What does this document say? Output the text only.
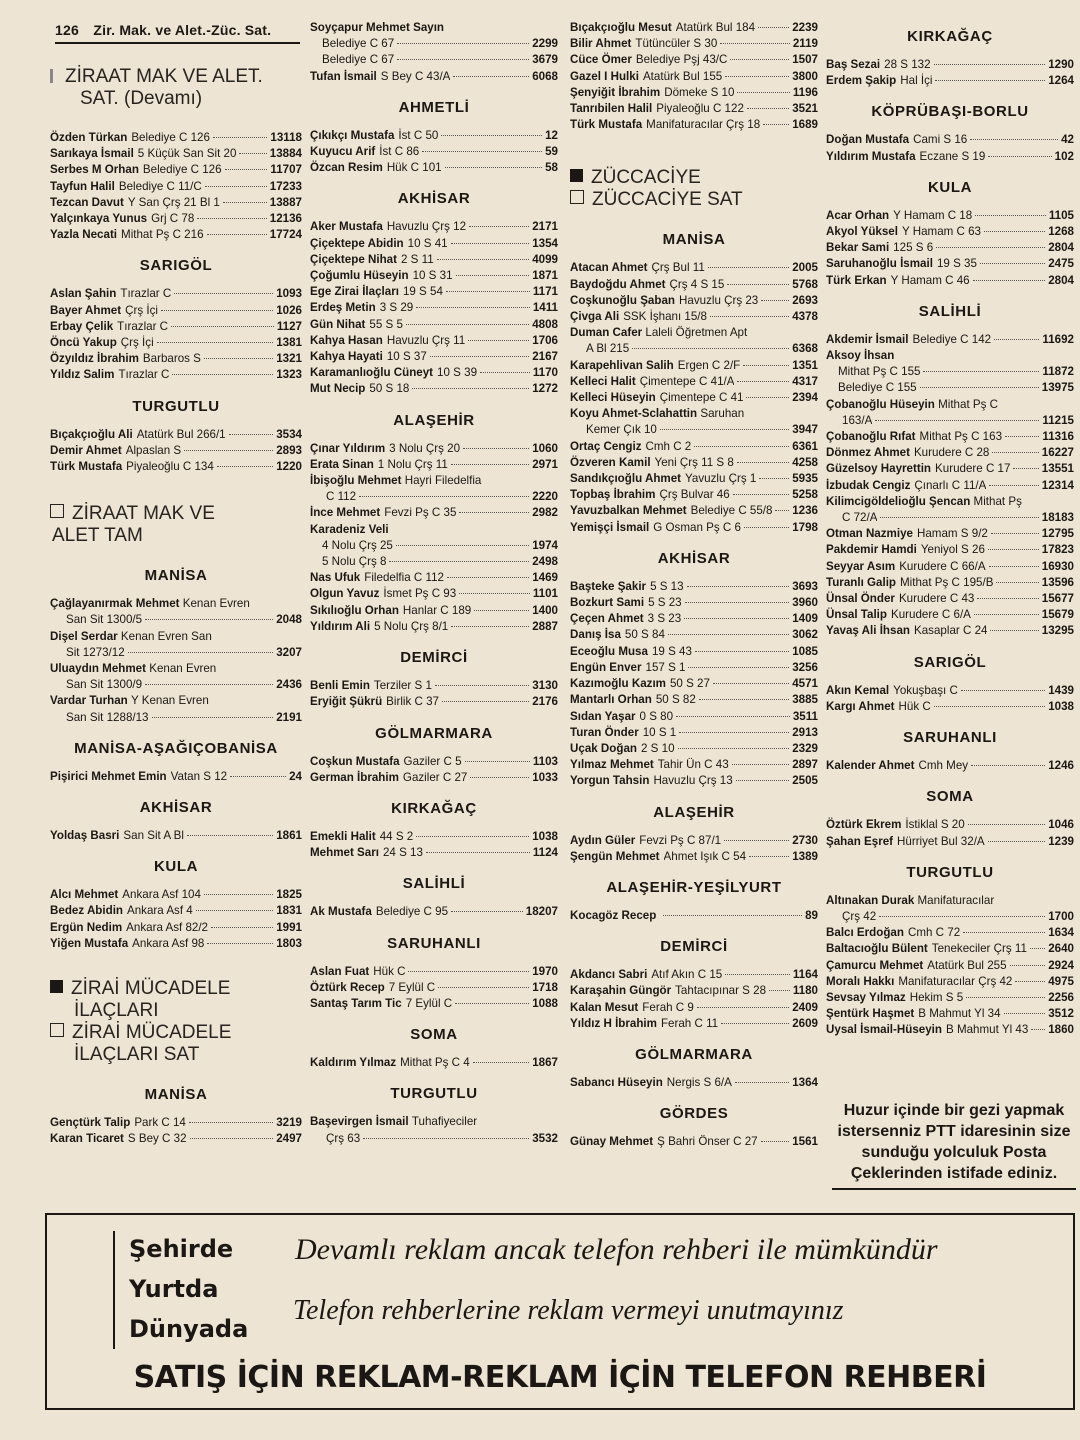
126 Zir. Mak. ve Alet.-Züc. Sat.
ZİRAAT MAK VE ALET.
SAT. (Devamı)
Özden Türkan Belediye C 126	13118
Sarıkaya İsmail 5 Küçük San Sit 20	13884
Serbes M Orhan Belediye C 126	11707
Tayfun Halil Belediye C 11/C	17233
Tezcan Davut Y San Çrş 21 Bl 1	13887
Yalçınkaya Yunus Grj C 78	12136
Yazla Necati Mithat Pş C 216	17724
SARIGÖL
Aslan Şahin Tırazlar C	1093
Bayer Ahmet Çrş İçi	1026
Erbay Çelik Tırazlar C	1127
Öncü Yakup Çrş İçi	1381
Özyıldız İbrahim Barbaros S	1321
Yıldız Salim Tırazlar C	1323
TURGUTLU
Bıçakçıoğlu Ali Atatürk Bul 266/1	3534
Demir Ahmet Alpaslan S	2893
Türk Mustafa Piyaleoğlu C 134	1220
ZİRAAT MAK VE
ALET TAM
MANİSA
Çağlayanırmak Mehmet Kenan Evren
San Sit 1300/5	2048
Dişel Serdar Kenan Evren San
Sit 1273/12	3207
Uluaydın Mehmet Kenan Evren
San Sit 1300/9	2436
Vardar Turhan Y Kenan Evren
San Sit 1288/13	2191
MANİSA-AŞAĞIÇOBANİSA
Pişirici Mehmet Emin Vatan S 12	24
AKHİSAR
Yoldaş Basri San Sit A Bl	1861
KULA
Alcı Mehmet Ankara Asf 104	1825
Bedez Abidin Ankara Asf 4	1831
Ergün Nedim Ankara Asf 82/2	1991
Yiğen Mustafa Ankara Asf 98	1803
ZİRAİ MÜCADELE
İLAÇLARI
ZİRAİ MÜCADELE
İLAÇLARI SAT
MANİSA
Gençtürk Talip Park C 14	3219
Karan Ticaret S Bey C 32	2497
Soyçapur Mehmet Sayın
Belediye C 67	2299
Belediye C 67	3679
Tufan İsmail S Bey C 43/A	6068
AHMETLİ
Çıkıkçı Mustafa İst C 50	12
Kuyucu Arif İst C 86	59
Özcan Resim Hük C 101	58
AKHİSAR
Aker Mustafa Havuzlu Çrş 12	2171
Çiçektepe Abidin 10 S 41	1354
Çiçektepe Nihat 2 S 11	4099
Çoğumlu Hüseyin 10 S 31	1871
Ege Zirai İlaçları 19 S 54	1171
Erdeş Metin 3 S 29	1411
Gün Nihat 55 S 5	4808
Kahya Hasan Havuzlu Çrş 11	1706
Kahya Hayati 10 S 37	2167
Karamanlıoğlu Cüneyt 10 S 39	1170
Mut Necip 50 S 18	1272
ALAŞEHİR
Çınar Yıldırım 3 Nolu Çrş 20	1060
Erata Sinan 1 Nolu Çrş 11	2971
İbişoğlu Mehmet Hayri Filedelfia
C 112	2220
İnce Mehmet Fevzi Pş C 35	2982
Karadeniz Veli
4 Nolu Çrş 25	1974
5 Nolu Çrş 8	2498
Nas Ufuk Filedelfia C 112	1469
Olgun Yavuz İsmet Pş C 93	1101
Sıkılıoğlu Orhan Hanlar C 189	1400
Yıldırım Ali 5 Nolu Çrş 8/1	2887
DEMİRCİ
Benli Emin Terziler S 1	3130
Eryiğit Şükrü Birlik C 37	2176
GÖLMARMARA
Coşkun Mustafa Gaziler C 5	1103
German İbrahim Gaziler C 27	1033
KIRKAĞAÇ
Emekli Halit 44 S 2	1038
Mehmet Sarı 24 S 13	1124
SALİHLİ
Ak Mustafa Belediye C 95	18207
SARUHANLI
Aslan Fuat Hük C	1970
Öztürk Recep 7 Eylül C	1718
Santaş Tarım Tic 7 Eylül C	1088
SOMA
Kaldırım Yılmaz Mithat Pş C 4	1867
TURGUTLU
Başevirgen İsmail Tuhafiyeciler
Çrş 63	3532
Bıçakçıoğlu Mesut Atatürk Bul 184	2239
Bilir Ahmet Tütüncüler S 30	2119
Cüce Ömer Belediye Pşj 43/C	1507
Gazel I Hulki Atatürk Bul 155	3800
Şenyiğit İbrahim Dömeke S 10	1196
Tanrıbilen Halil Piyaleoğlu C 122	3521
Türk Mustafa Manifaturacılar Çrş 18	1689
ZÜCCACİYE
ZÜCCACİYE SAT
MANİSA
Atacan Ahmet Çrş Bul 11	2005
Baydoğdu Ahmet Çrş 4 S 15	5768
Coşkunoğlu Şaban Havuzlu Çrş 23	2693
Çivga Ali SSK İşhanı 15/8	4378
Duman Cafer Laleli Öğretmen Apt
A Bl 215	6368
Karapehlivan Salih Ergen C 2/F	1351
Kelleci Halit Çimentepe C 41/A	4317
Kelleci Hüseyin Çimentepe C 41	2394
Koyu Ahmet-Sclahattin Saruhan
Kemer Çık 10	3947
Ortaç Cengiz Cmh C 2	6361
Özveren Kamil Yeni Çrş 11 S 8	4258
Sandıkçıoğlu Ahmet Yavuzlu Çrş 1	5935
Topbaş İbrahim Çrş Bulvar 46	5258
Yavuzbalkan Mehmet Belediye C 55/8 1236
Yemişçi İsmail G Osman Pş C 6	1798
AKHİSAR
Başteke Şakir 5 S 13	3693
Bozkurt Sami 5 S 23	3960
Çeçen Ahmet 3 S 23	1409
Danış İsa 50 S 84	3062
Eceoğlu Musa 19 S 43	1085
Engün Enver 157 S 1	3256
Kazımoğlu Kazım 50 S 27	4571
Mantarlı Orhan 50 S 82	3885
Sıdan Yaşar 0 S 80	3511
Turan Önder 10 S 1	2913
Uçak Doğan 2 S 10	2329
Yılmaz Mehmet Tahir Ün C 43	2897
Yorgun Tahsin Havuzlu Çrş 13	2505
ALAŞEHİR
Aydın Güler Fevzi Pş C 87/1	2730
Şengün Mehmet Ahmet Işık C 54	1389
ALAŞEHİR-YEŞİLYURT
Kocagöz Recep	89
DEMİRCİ
Akdancı Sabri Atıf Akın C 15	1164
Karaşahin Güngör Tahtacıpınar S 28 1180
Kalan Mesut Ferah C 9	2409
Yıldız H İbrahim Ferah C 11	2609
GÖLMARMARA
Sabancı Hüseyin Nergis S 6/A	1364
GÖRDES
Günay Mehmet Ş Bahri Önser C 27	1561
KIRKAĞAÇ
Baş Sezai 28 S 132	1290
Erdem Şakip Hal İçi	1264
KÖPRÜBAŞI-BORLU
Doğan Mustafa Cami S 16	42
Yıldırım Mustafa Eczane S 19	102
KULA
Acar Orhan Y Hamam C 18	1105
Akyol Yüksel Y Hamam C 63	1268
Bekar Sami 125 S 6	2804
Saruhanoğlu İsmail 19 S 35	2475
Türk Erkan Y Hamam C 46	2804
SALİHLİ
Akdemir İsmail Belediye C 142	11692
Aksoy İhsan
Mithat Pş C 155	11872
Belediye C 155	13975
Çobanoğlu Hüseyin Mithat Pş C
163/A	11215
Çobanoğlu Rıfat Mithat Pş C 163	11316
Dönmez Ahmet Kurudere C 28	16227
Güzelsoy Hayrettin Kurudere C 17	13551
İzbudak Cengiz Çınarlı C 11/A	12314
Kilimcigöldelioğlu Şencan Mithat Pş
C 72/A	18183
Otman Nazmiye Hamam S 9/2	12795
Pakdemir Hamdi Yeniyol S 26	17823
Seyyar Asım Kurudere C 66/A	16930
Turanlı Galip Mithat Pş C 195/B	13596
Ünsal Önder Kurudere C 43	15677
Ünsal Talip Kurudere C 6/A	15679
Yavaş Ali İhsan Kasaplar C 24	13295
SARIGÖL
Akın Kemal Yokuşbaşı C	1439
Kargı Ahmet Hük C	1038
SARUHANLI
Kalender Ahmet Cmh Mey	1246
SOMA
Öztürk Ekrem İstiklal S 20	1046
Şahan Eşref Hürriyet Bul 32/A	1239
TURGUTLU
Altınakan Durak Manifaturacılar
Çrş 42	1700
Balcı Erdoğan Cmh C 72	1634
Baltacıoğlu Bülent Tenekeciler Çrş 11 2640
Çamurcu Mehmet Atatürk Bul 255	2924
Moralı Hakkı Manifaturacılar Çrş 42	4975
Sevsay Yılmaz Hekim S 5	2256
Şentürk Haşmet B Mahmut Yl 34	3512
Uysal İsmail-Hüseyin B Mahmut Yl 43 1860
Huzur içinde bir gezi yapmak istersenniz PTT idaresinin size sunduğu yolculuk Posta Çeklerinden istifade ediniz.
Şehirde
Yurtda
Dünyada
Devamlı reklam ancak telefon rehberi ile mümkündür
Telefon rehberlerine reklam vermeyi unutmayınız
SATIŞ İÇİN REKLAM-REKLAM İÇİN TELEFON REHBERİ
